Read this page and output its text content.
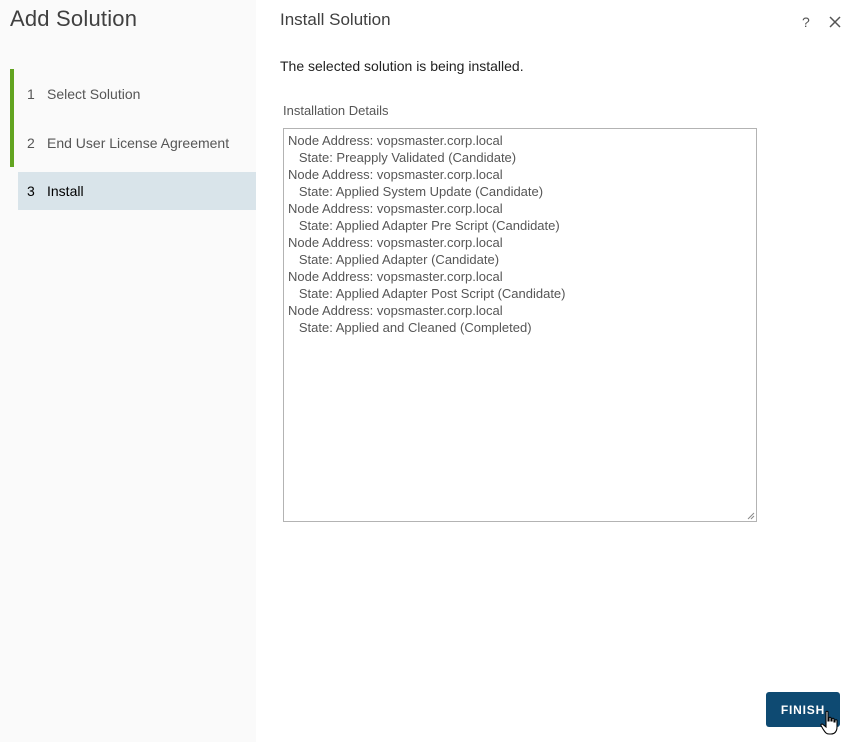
Add Solution
1 Select Solution
2 End User License Agreement
3 Install
Install Solution	?
The selected solution is being installed.
Installation Details
Node Address: vopsmaster.corp.local
State: Preapply Validated (Candidate)
Node Address: vopsmaster.corp.local
State: Applied System Update (Candidate)
Node Address: vopsmaster.corp.local
State: Applied Adapter Pre Script (Candidate)
Node Address: vopsmaster.corp.local
State: Applied Adapter (Candidate)
Node Address: vopsmaster.corp.local
State: Applied Adapter Post Script (Candidate)
Node Address: vopsmaster.corp.local
State: Applied and Cleaned (Completed)
FINISH
